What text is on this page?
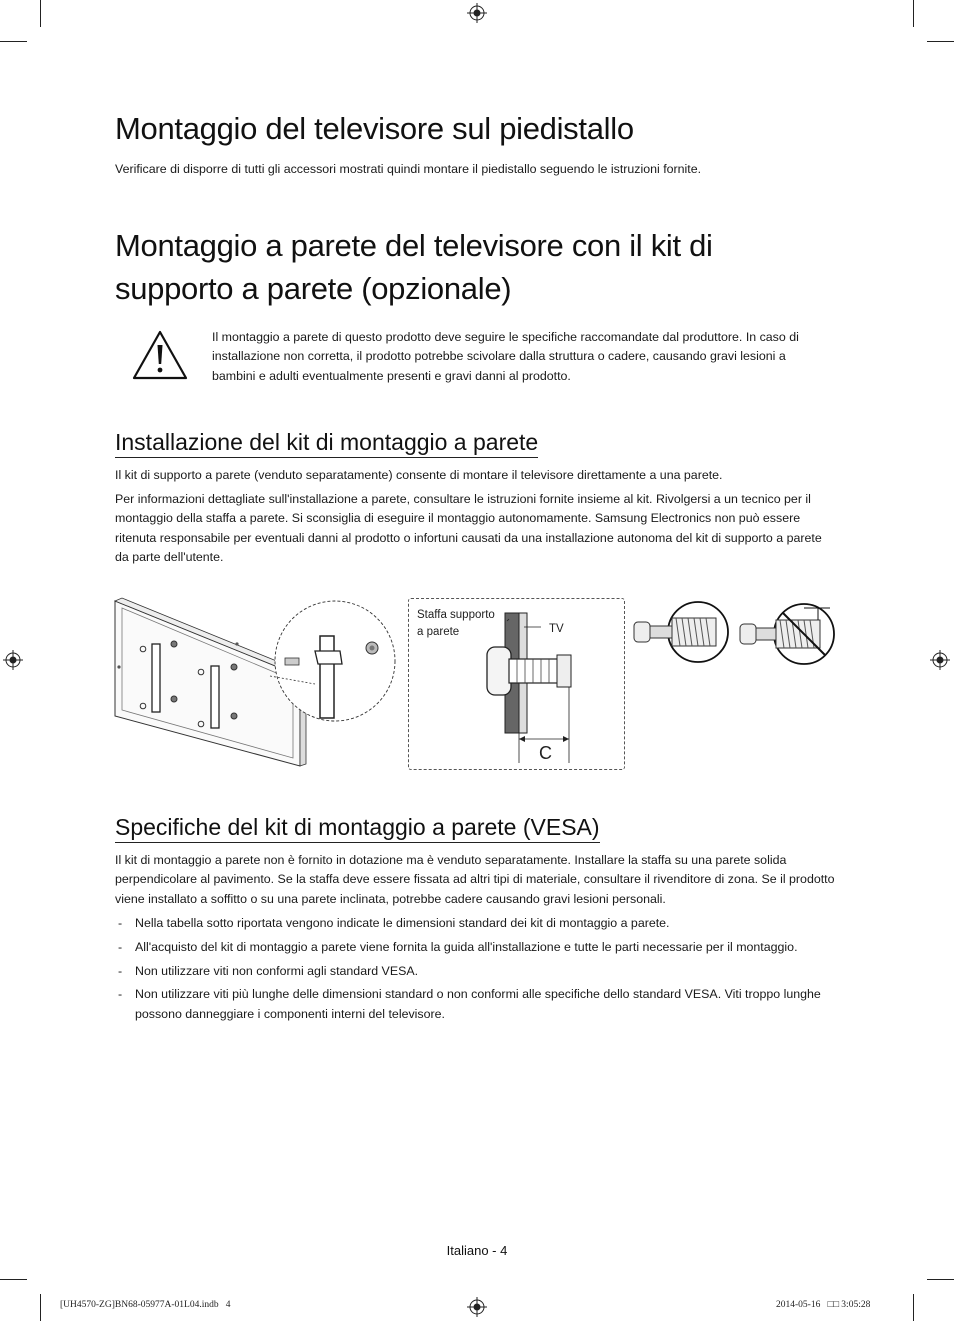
Montaggio del televisore sul piedistallo
Verificare di disporre di tutti gli accessori mostrati quindi montare il piedistallo seguendo le istruzioni fornite.
Montaggio a parete del televisore con il kit di
supporto a parete (opzionale)
Il montaggio a parete di questo prodotto deve seguire le specifiche raccomandate dal produttore. In caso di installazione non corretta, il prodotto potrebbe scivolare dalla struttura o cadere, causando gravi lesioni a bambini e adulti eventualmente presenti e gravi danni al prodotto.
Installazione del kit di montaggio a parete
Il kit di supporto a parete (venduto separatamente) consente di montare il televisore direttamente a una parete.
Per informazioni dettagliate sull'installazione a parete, consultare le istruzioni fornite insieme al kit. Rivolgersi a un tecnico per il montaggio della staffa a parete. Si sconsiglia di eseguire il montaggio autonomamente. Samsung Electronics non può essere ritenuta responsabile per eventuali danni al prodotto o infortuni causati da una installazione autonoma del kit di supporto a parete da parte dell'utente.
Staffa supporto
a parete	TV
C
Specifiche del kit di montaggio a parete (VESA)
Il kit di montaggio a parete non è fornito in dotazione ma è venduto separatamente. Installare la staffa su una parete solida perpendicolare al pavimento. Se la staffa deve essere fissata ad altri tipi di materiale, consultare il rivenditore di zona. Se il prodotto viene installato a soffitto o su una parete inclinata, potrebbe cadere causando gravi lesioni personali.
- Nella tabella sotto riportata vengono indicate le dimensioni standard dei kit di montaggio a parete.
- All'acquisto del kit di montaggio a parete viene fornita la guida all'installazione e tutte le parti necessarie per il montaggio.
- Non utilizzare viti non conformi agli standard VESA.
- Non utilizzare viti più lunghe delle dimensioni standard o non conformi alle specifiche dello standard VESA. Viti troppo lunghe possono danneggiare i componenti interni del televisore.
Italiano - 4
[UH4570-ZG]BN68-05977A-01L04.indb   4	2014-05-16   □□ 3:05:28
